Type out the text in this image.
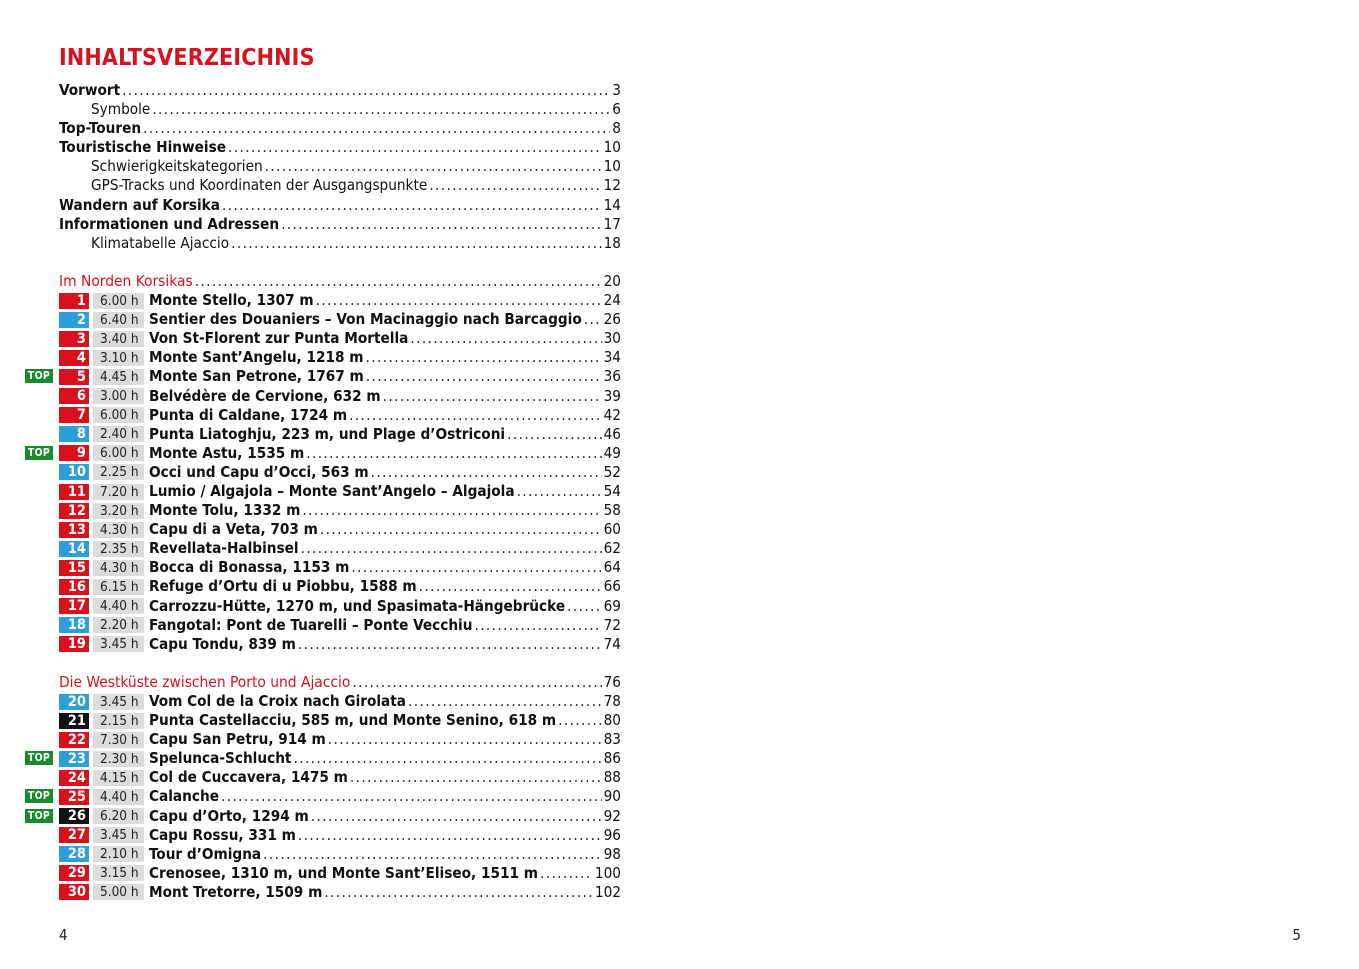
INHALTSVERZEICHNIS
Vorwort .....	3
Symbole .....	6
Top-Touren .....	8
Touristische Hinweise .....	10
Schwierigkeitskategorien .....	10
GPS-Tracks und Koordinaten der Ausgangspunkte .....	12
Wandern auf Korsika .....	14
Informationen und Adressen .....	17
Klimatabelle Ajaccio .....	18
Im Norden Korsikas .....	20
1	6.00 h Monte Stello, 1307 m .....	24
2	6.40 h Sentier des Douaniers – Von Macinaggio nach Barcaggio ..... 26
3	3.40 h Von St-Florent zur Punta Mortella .....	30
4	3.10 h Monte Sant’Angelu, 1218 m .....	34
TOP	5	4.45 h Monte San Petrone, 1767 m .....	36
6	3.00 h Belvédère de Cervione, 632 m .....	39
7	6.00 h Punta di Caldane, 1724 m .....	42
8	2.40 h Punta Liatoghju, 223 m, und Plage d’Ostriconi .....	46
TOP	9	6.00 h Monte Astu, 1535 m .....	49
10	2.25 h Occi und Capu d’Occi, 563 m .....	52
11	7.20 h Lumio / Algajola – Monte Sant’Angelo – Algajola .....	54
12	3.20 h Monte Tolu, 1332 m .....	58
13	4.30 h Capu di a Veta, 703 m .....	60
14	2.35 h Revellata-Halbinsel .....	62
15	4.30 h Bocca di Bonassa, 1153 m .....	64
16	6.15 h Refuge d’Ortu di u Piobbu, 1588 m .....	66
17	4.40 h Carrozzu-Hütte, 1270 m, und Spasimata-Hängebrücke .....	69
18	2.20 h Fangotal: Pont de Tuarelli – Ponte Vecchiu .....	72
19	3.45 h Capu Tondu, 839 m .....	74
Die Westküste zwischen Porto und Ajaccio .....	76
20	3.45 h Vom Col de la Croix nach Girolata .....	78
21	2.15 h Punta Castellacciu, 585 m, und Monte Senino, 618 m .....	80
22	7.30 h Capu San Petru, 914 m .....	83
TOP	23	2.30 h Spelunca-Schlucht .....	86
24	4.15 h Col de Cuccavera, 1475 m .....	88
TOP	25	4.40 h Calanche .....	90
TOP	26	6.20 h Capu d’Orto, 1294 m .....	92
27	3.45 h Capu Rossu, 331 m .....	96
28	2.10 h Tour d’Omigna .....	98
29	3.15 h Crenosee, 1310 m, und Monte Sant’Eliseo, 1511 m .....	100
30	5.00 h Mont Tretorre, 1509 m .....	102
4	5
